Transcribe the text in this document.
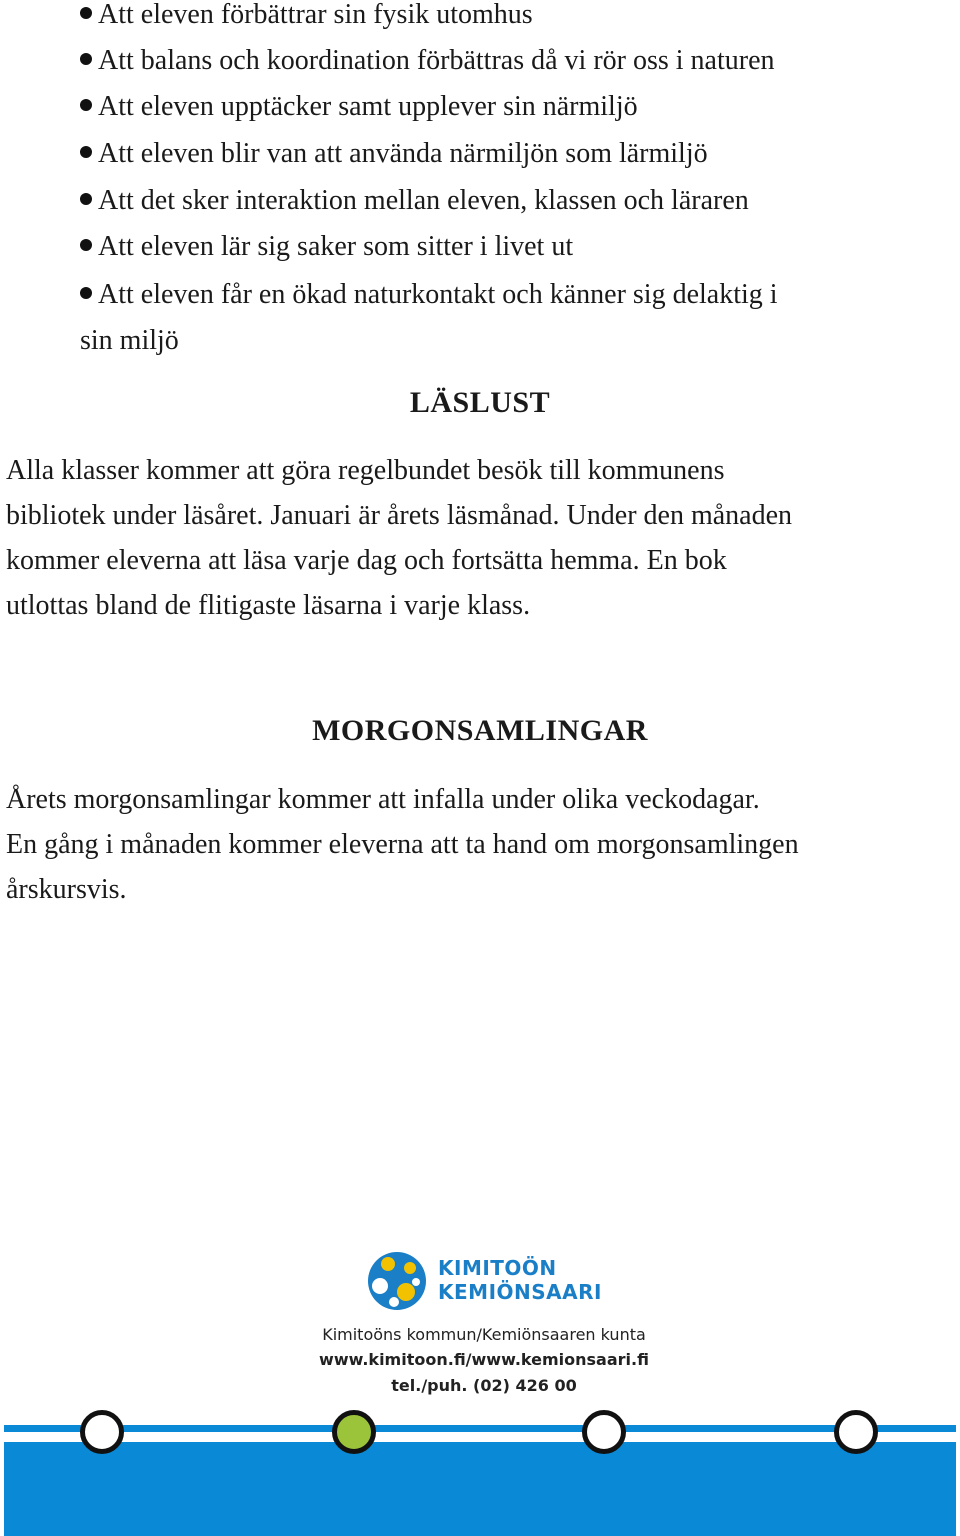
Att eleven förbättrar sin fysik utomhus
Att balans och koordination förbättras då vi rör oss i naturen
Att eleven upptäcker samt upplever sin närmiljö
Att eleven blir van att använda närmiljön som lärmiljö
Att det sker interaktion mellan eleven, klassen och läraren
Att eleven lär sig saker som sitter i livet ut
Att eleven får en ökad naturkontakt och känner sig delaktig i
sin miljö
LÄSLUST
Alla klasser kommer att göra regelbundet besök till kommunens
bibliotek under läsåret. Januari är årets läsmånad. Under den månaden
kommer eleverna att läsa varje dag och fortsätta hemma. En bok
utlottas bland de flitigaste läsarna i varje klass.
MORGONSAMLINGAR
Årets morgonsamlingar kommer att infalla under olika veckodagar.
En gång i månaden kommer eleverna att ta hand om morgonsamlingen
årskursvis.
KIMITOÖN
KEMIÖNSAARI
Kimitoöns kommun/Kemiönsaaren kunta
www.kimitoon.fi/www.kemionsaari.fi
tel./puh. (02) 426 00
